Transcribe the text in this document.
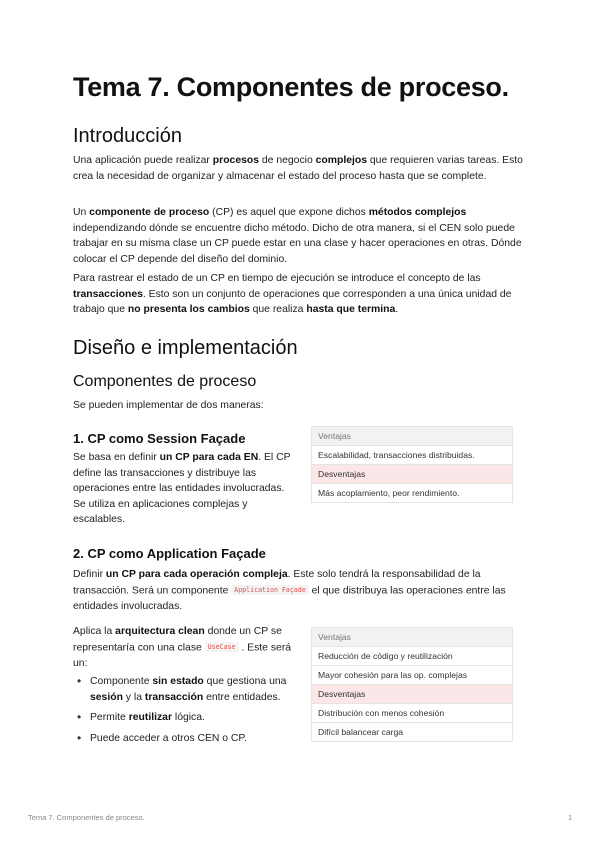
Tema 7. Componentes de proceso.
Introducción

Una aplicación puede realizar procesos de negocio complejos que requieren varias tareas. Esto crea la necesidad de organizar y almacenar el estado del proceso hasta que se complete.

Un componente de proceso (CP) es aquel que expone dichos métodos complejos independizando dónde se encuentre dicho método. Dicho de otra manera, si el CEN solo puede trabajar en su misma clase un CP puede estar en una clase y hacer operaciones en otras. Dónde colocar el CP depende del diseño del dominio.

Para rastrear el estado de un CP en tiempo de ejecución se introduce el concepto de las transacciones. Esto son un conjunto de operaciones que corresponden a una única unidad de trabajo que no presenta los cambios que realiza hasta que termina.

Diseño e implementación
Componentes de proceso

Se pueden implementar de dos maneras:

1. CP como Session Façade

Se basa en definir un CP para cada EN. El CP define las transacciones y distribuye las operaciones entre las entidades involucradas. Se utiliza en aplicaciones complejas y escalables.

Ventajas
Escalabilidad, transacciones distribuidas.
Desventajas
Más acoplamiento, peor rendimiento.
2. CP como Application Façade

Definir un CP para cada operación compleja. Este solo tendrá la responsabilidad de la transacción. Será un componente Application Façade el que distribuya las operaciones entre las entidades involucradas.

Aplica la arquitectura clean donde un CP se representaría con una clase UseCase . Este será un:

• Componente sin estado que gestiona una sesión y la transacción entre entidades.
• Permite reutilizar lógica.
• Puede acceder a otros CEN o CP.
Ventajas
Reducción de código y reutilización
Mayor cohesión para las op. complejas
Desventajas
Distribución con menos cohesión
Difícil balancear carga
Tema 7. Componentes de proceso.	1
